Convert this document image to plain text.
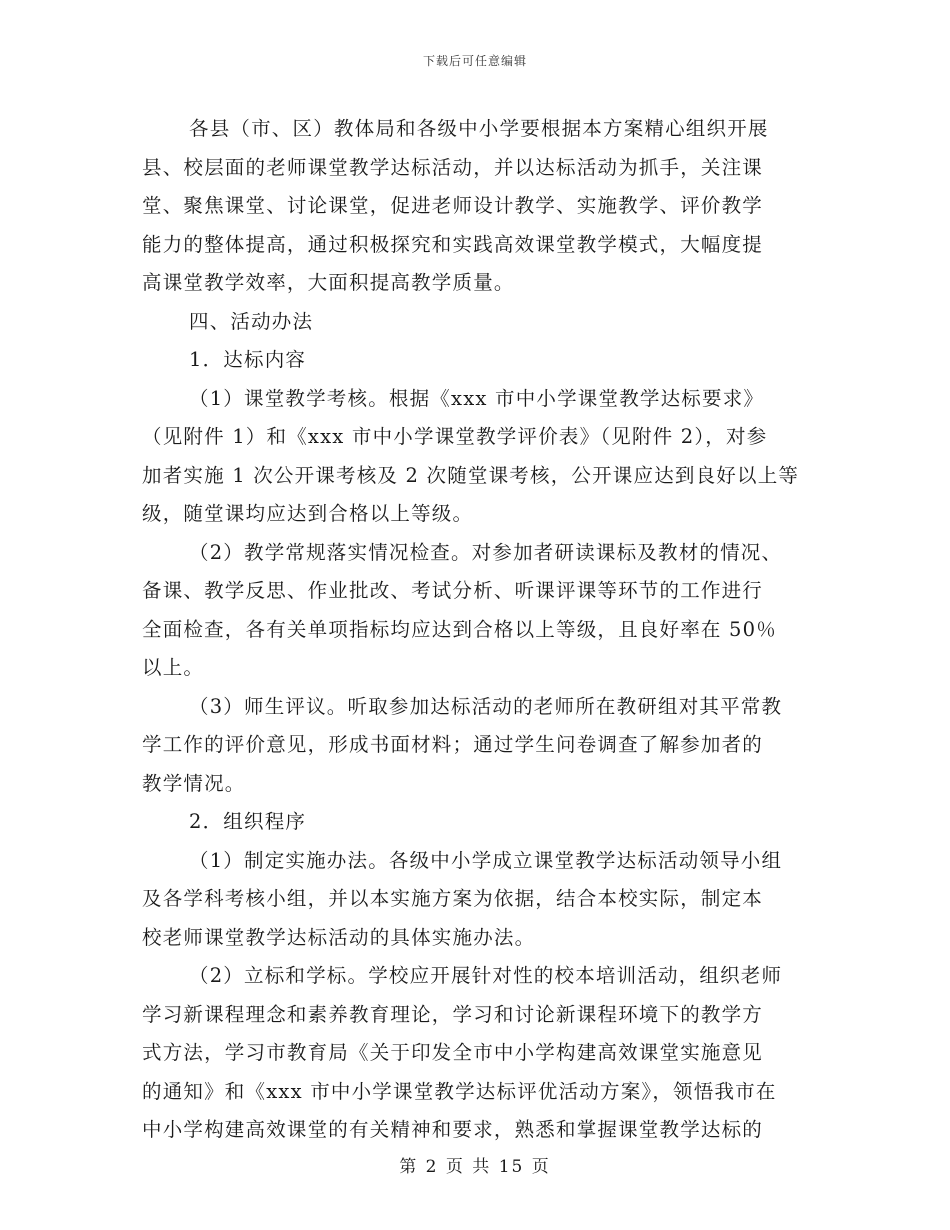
下载后可任意编辑
各县（市、区）教体局和各级中小学要根据本方案精心组织开展
县、校层面的老师课堂教学达标活动，并以达标活动为抓手，关注课
堂、聚焦课堂、讨论课堂，促进老师设计教学、实施教学、评价教学
能力的整体提高，通过积极探究和实践高效课堂教学模式，大幅度提
高课堂教学效率，大面积提高教学质量。
四、活动办法
1．达标内容
（1）课堂教学考核。根据《xxx 市中小学课堂教学达标要求》
（见附件 1）和《xxx 市中小学课堂教学评价表》（见附件 2），对参
加者实施 1 次公开课考核及 2 次随堂课考核，公开课应达到良好以上等
级，随堂课均应达到合格以上等级。
（2）教学常规落实情况检查。对参加者研读课标及教材的情况、
备课、教学反思、作业批改、考试分析、听课评课等环节的工作进行
全面检查，各有关单项指标均应达到合格以上等级，且良好率在 50％
以上。
（3）师生评议。听取参加达标活动的老师所在教研组对其平常教
学工作的评价意见，形成书面材料；通过学生问卷调查了解参加者的
教学情况。
2．组织程序
（1）制定实施办法。各级中小学成立课堂教学达标活动领导小组
及各学科考核小组，并以本实施方案为依据，结合本校实际，制定本
校老师课堂教学达标活动的具体实施办法。
（2）立标和学标。学校应开展针对性的校本培训活动，组织老师
学习新课程理念和素养教育理论，学习和讨论新课程环境下的教学方
式方法，学习市教育局《关于印发全市中小学构建高效课堂实施意见
的通知》和《xxx 市中小学课堂教学达标评优活动方案》，领悟我市在
中小学构建高效课堂的有关精神和要求，熟悉和掌握课堂教学达标的
第 2 页 共 15 页
